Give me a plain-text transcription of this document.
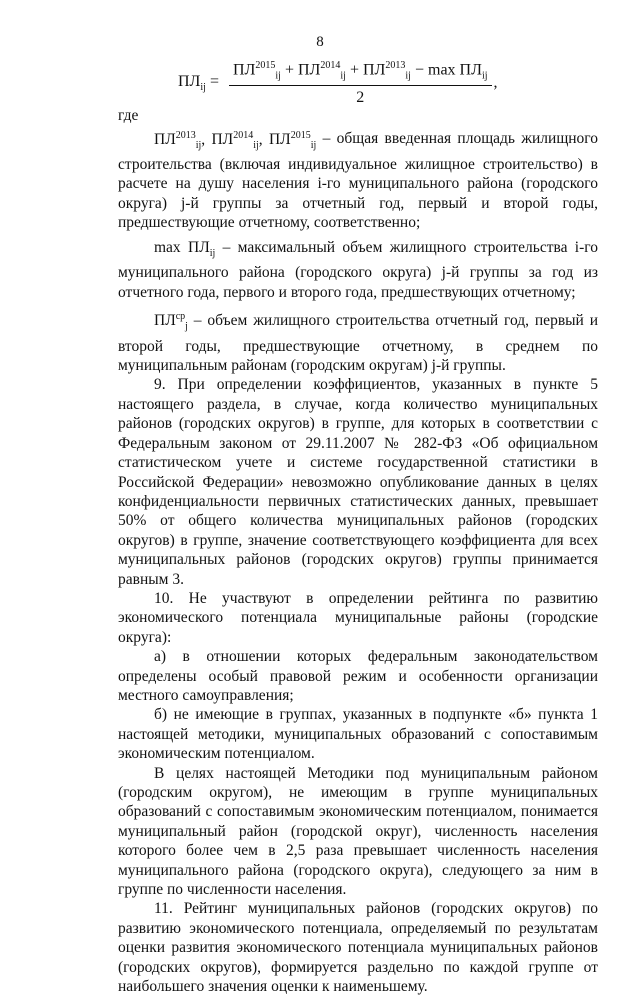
8
$ПЛ_{ij} = \frac{ПЛ^{2015}_{ij} + ПЛ^{2014}_{ij} + ПЛ^{2013}_{ij} - \max ПЛ_{ij}}{2}$ ,

где

$ПЛ^{2013}_{ij}$, $ПЛ^{2014}_{ij}$, $ПЛ^{2015}_{ij}$ – общая введенная площадь жилищного строительства (включая индивидуальное жилищное строительство) в расчете на душу населения i-го муниципального района (городского округа) j-й группы за отчетный год, первый и второй годы, предшествующие отчетному, соответственно;

$\max ПЛ_{ij}$ – максимальный объем жилищного строительства i-го муниципального района (городского округа) j-й группы за год из отчетного года, первого и второго года, предшествующих отчетному;

$ПЛ^{ср}_j$ – объем жилищного строительства отчетный год, первый и второй годы, предшествующие отчетному, в среднем по муниципальным районам (городским округам) j-й группы.

9. При определении коэффициентов, указанных в пункте 5 настоящего раздела, в случае, когда количество муниципальных районов (городских округов) в группе, для которых в соответствии с Федеральным законом от 29.11.2007 № 282-ФЗ «Об официальном статистическом учете и системе государственной статистики в Российской Федерации» невозможно опубликование данных в целях конфиденциальности первичных статистических данных, превышает 50% от общего количества муниципальных районов (городских округов) в группе, значение соответствующего коэффициента для всех муниципальных районов (городских округов) группы принимается равным 3.

10. Не участвуют в определении рейтинга по развитию экономического потенциала муниципальные районы (городские округа):

а) в отношении которых федеральным законодательством определены особый правовой режим и особенности организации местного самоуправления;

б) не имеющие в группах, указанных в подпункте «б» пункта 1 настоящей методики, муниципальных образований с сопоставимым экономическим потенциалом.

В целях настоящей Методики под муниципальным районом (городским округом), не имеющим в группе муниципальных образований с сопоставимым экономическим потенциалом, понимается муниципальный район (городской округ), численность населения которого более чем в 2,5 раза превышает численность населения муниципального района (городского округа), следующего за ним в группе по численности населения.

11. Рейтинг муниципальных районов (городских округов) по развитию экономического потенциала, определяемый по результатам оценки развития экономического потенциала муниципальных районов (городских округов), формируется раздельно по каждой группе от наибольшего значения оценки к наименьшему.
